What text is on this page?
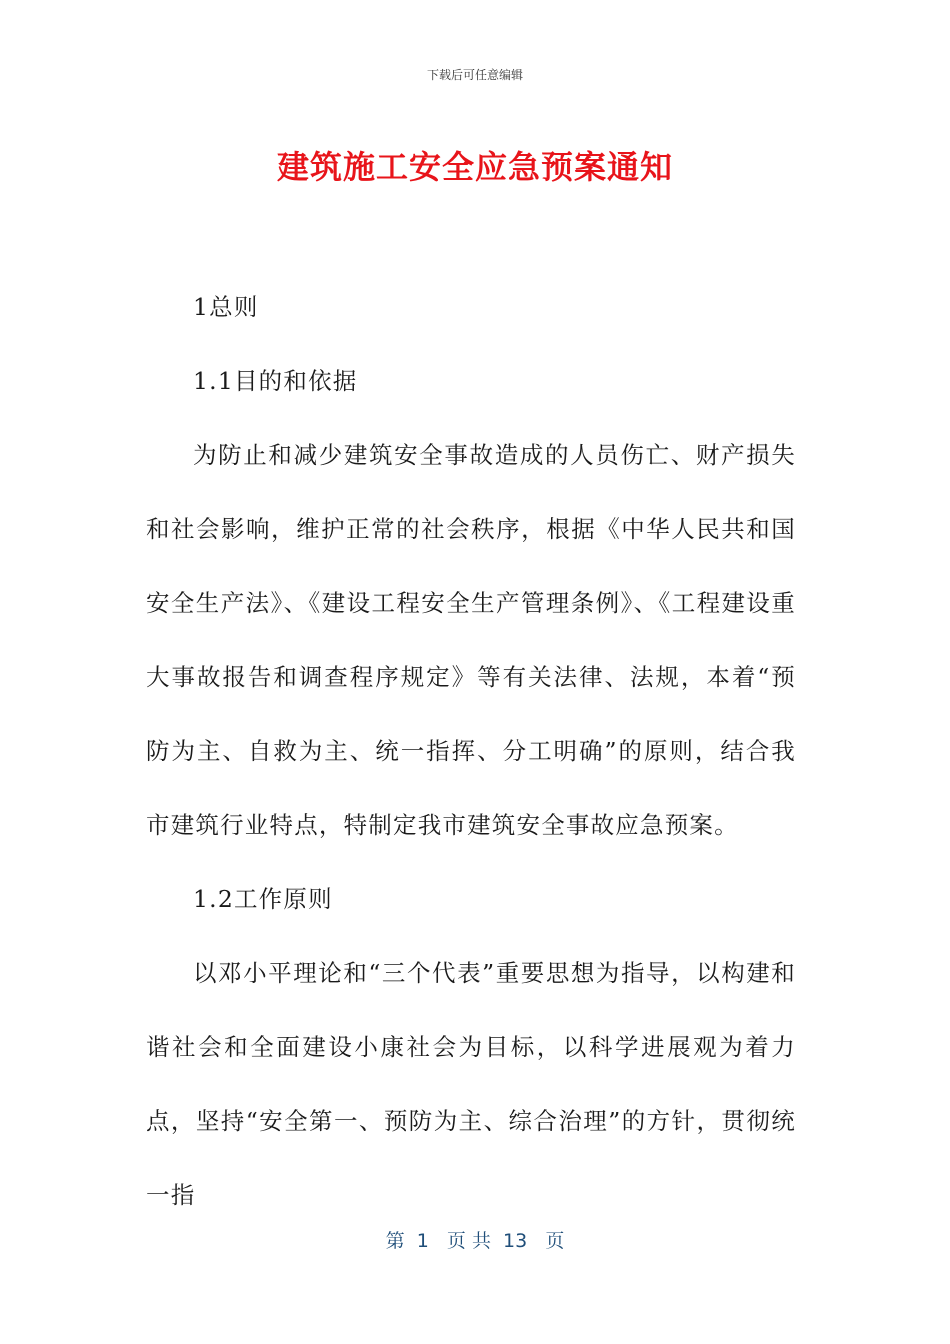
下载后可任意编辑
建筑施工安全应急预案通知

1总则

1.1目的和依据

为防止和减少建筑安全事故造成的人员伤亡、财产损失和社会影响，维护正常的社会秩序，根据《中华人民共和国安全生产法》、《建设工程安全生产管理条例》、《工程建设重大事故报告和调查程序规定》等有关法律、法规，本着“预防为主、自救为主、统一指挥、分工明确”的原则，结合我市建筑行业特点，特制定我市建筑安全事故应急预案。

1.2工作原则

以邓小平理论和“三个代表”重要思想为指导，以构建和谐社会和全面建设小康社会为目标，以科学进展观为着力点，坚持“安全第一、预防为主、综合治理”的方针，贯彻统一指

第  1   页 共  13   页
